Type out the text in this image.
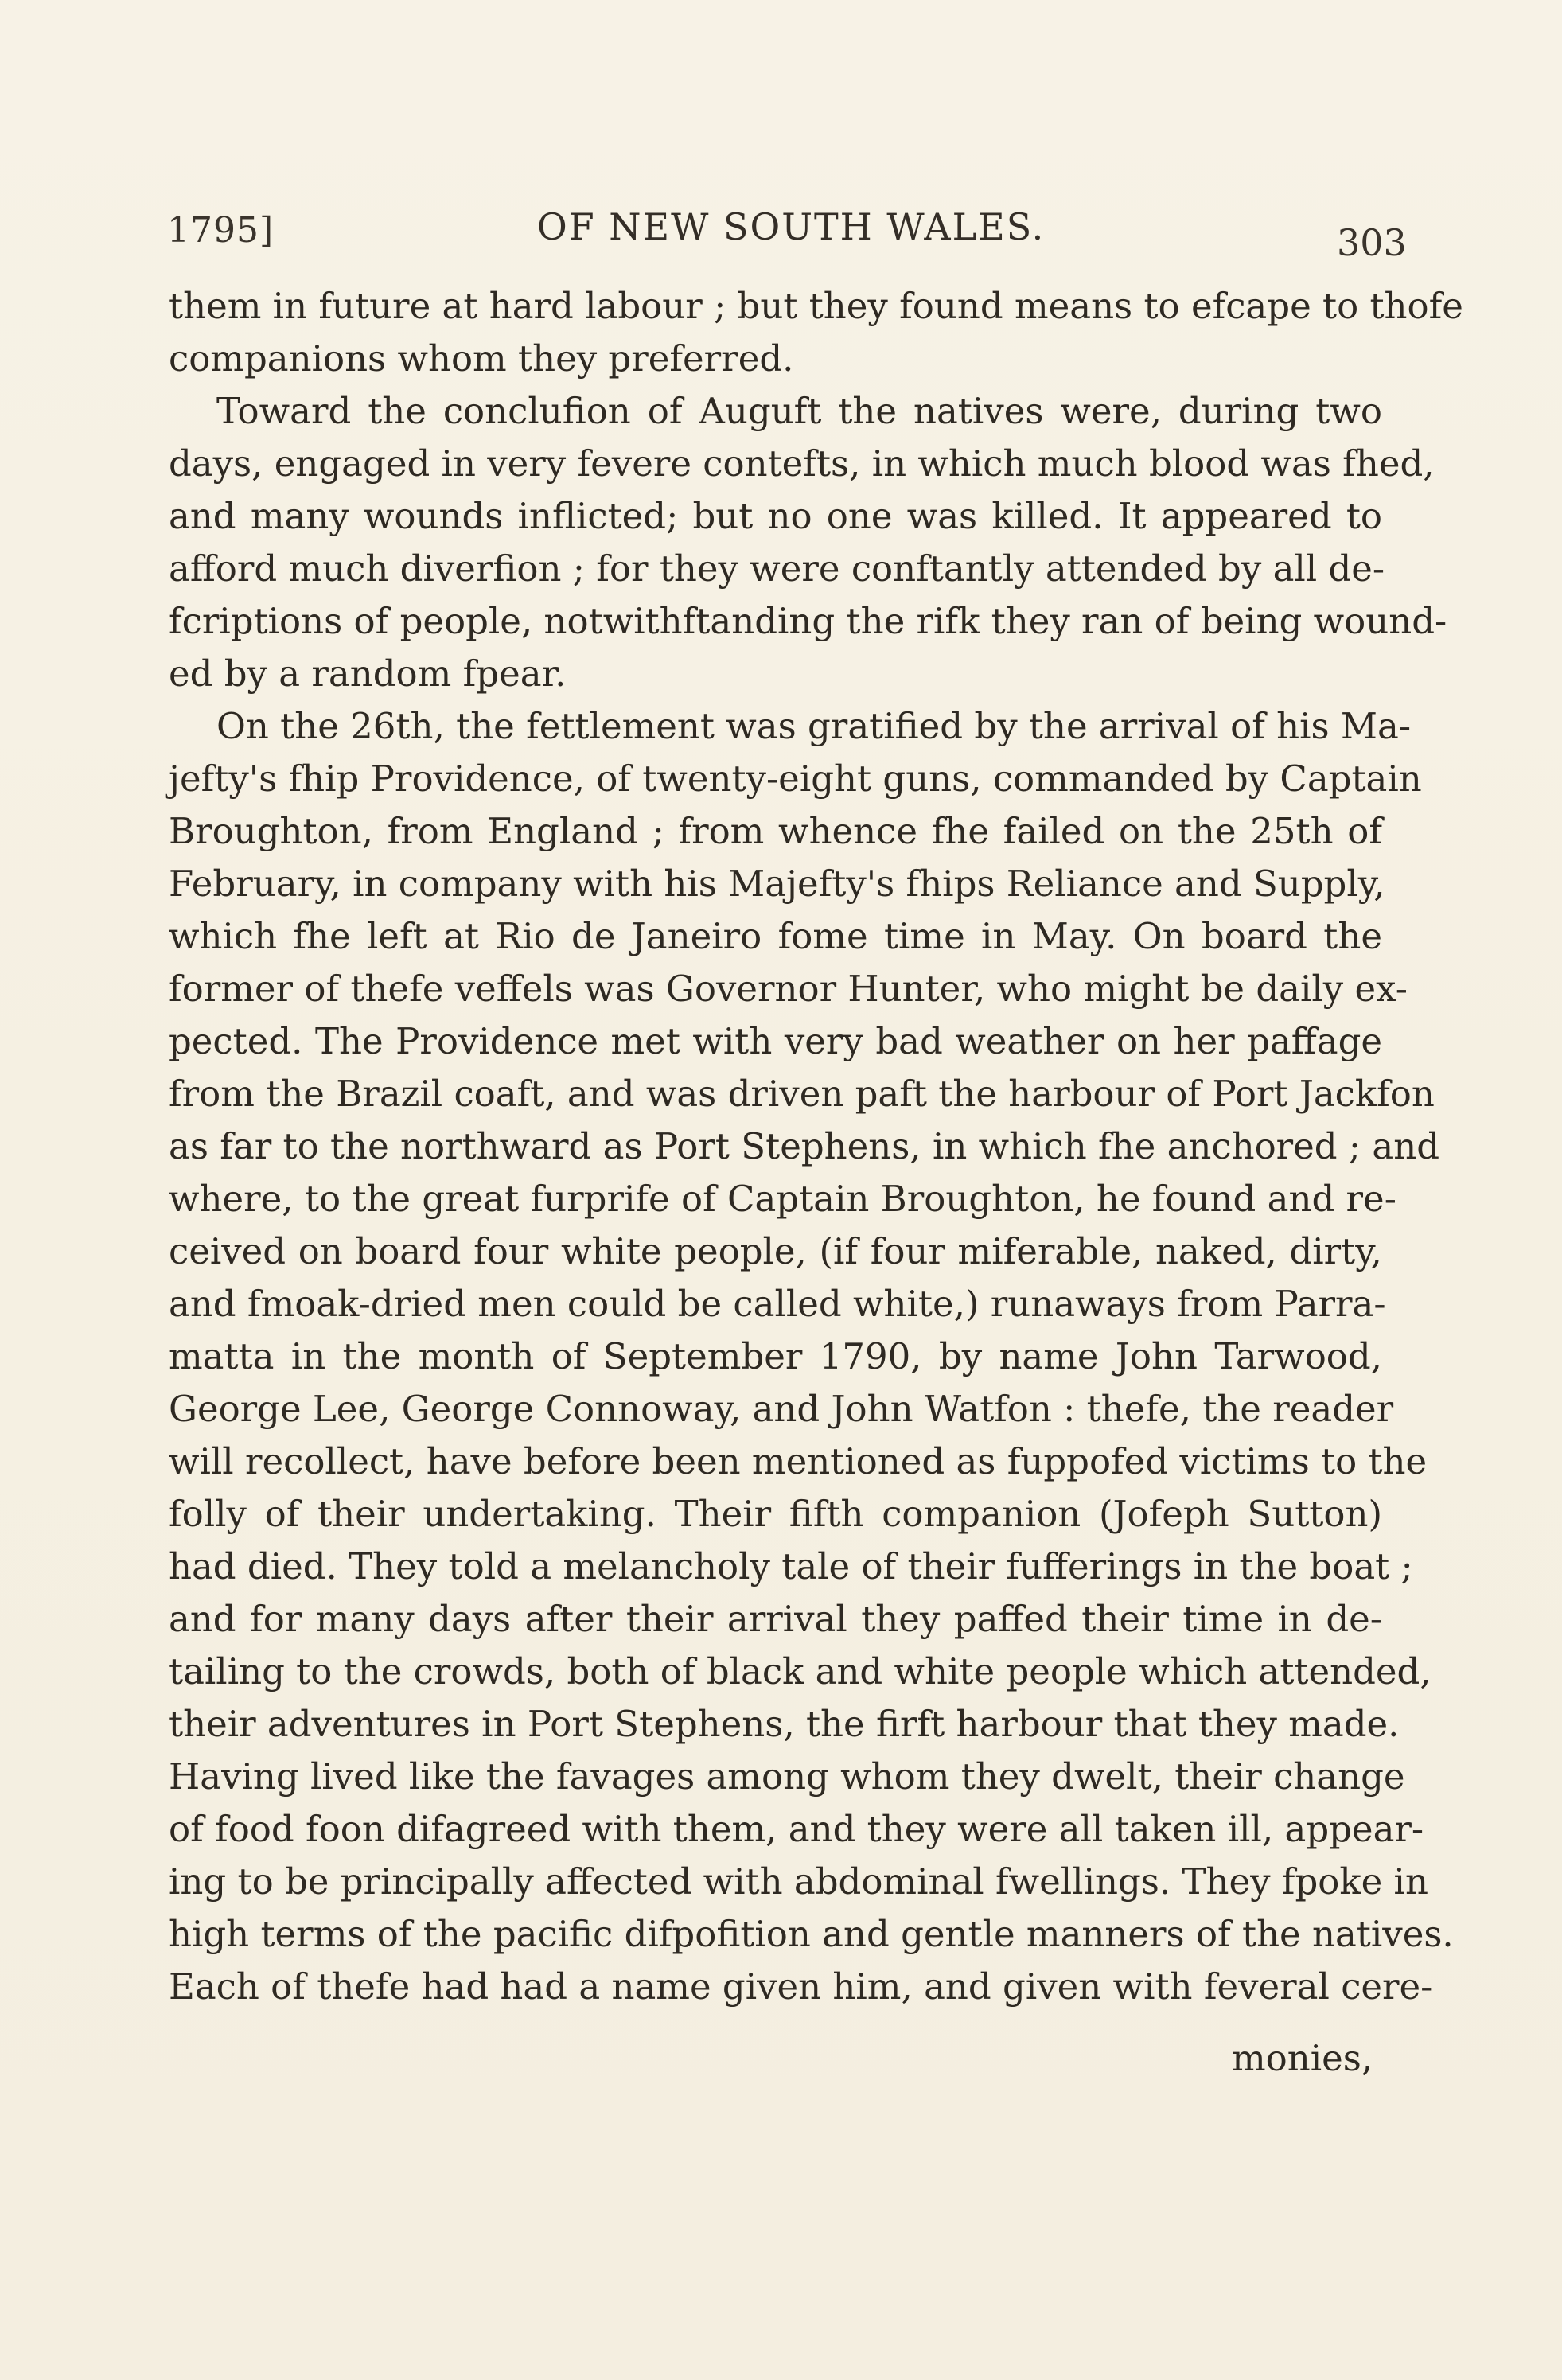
1795]	OF NEW SOUTH WALES.	303
them in future at hard labour ; but they found means to efcape to thofe
companions whom they preferred.
Toward the conclufion of Auguft the natives were, during two
days, engaged in very fevere contefts, in which much blood was fhed,
and many wounds inflicted; but no one was killed. It appeared to
afford much diverfion ; for they were conftantly attended by all de-
fcriptions of people, notwithftanding the rifk they ran of being wound-
ed by a random fpear.
On the 26th, the fettlement was gratified by the arrival of his Ma-
jefty's fhip Providence, of twenty-eight guns, commanded by Captain
Broughton, from England ; from whence fhe failed on the 25th of
February, in company with his Majefty's fhips Reliance and Supply,
which fhe left at Rio de Janeiro fome time in May. On board the
former of thefe veffels was Governor Hunter, who might be daily ex-
pected. The Providence met with very bad weather on her paffage
from the Brazil coaft, and was driven paft the harbour of Port Jackfon
as far to the northward as Port Stephens, in which fhe anchored ; and
where, to the great furprife of Captain Broughton, he found and re-
ceived on board four white people, (if four miferable, naked, dirty,
and fmoak-dried men could be called white,) runaways from Parra-
matta in the month of September 1790, by name John Tarwood,
George Lee, George Connoway, and John Watfon : thefe, the reader
will recollect, have before been mentioned as fuppofed victims to the
folly of their undertaking. Their fifth companion (Jofeph Sutton)
had died. They told a melancholy tale of their fufferings in the boat ;
and for many days after their arrival they paffed their time in de-
tailing to the crowds, both of black and white people which attended,
their adventures in Port Stephens, the firft harbour that they made.
Having lived like the favages among whom they dwelt, their change
of food foon difagreed with them, and they were all taken ill, appear-
ing to be principally affected with abdominal fwellings. They fpoke in
high terms of the pacific difpofition and gentle manners of the natives.
Each of thefe had had a name given him, and given with feveral cere-
monies,
